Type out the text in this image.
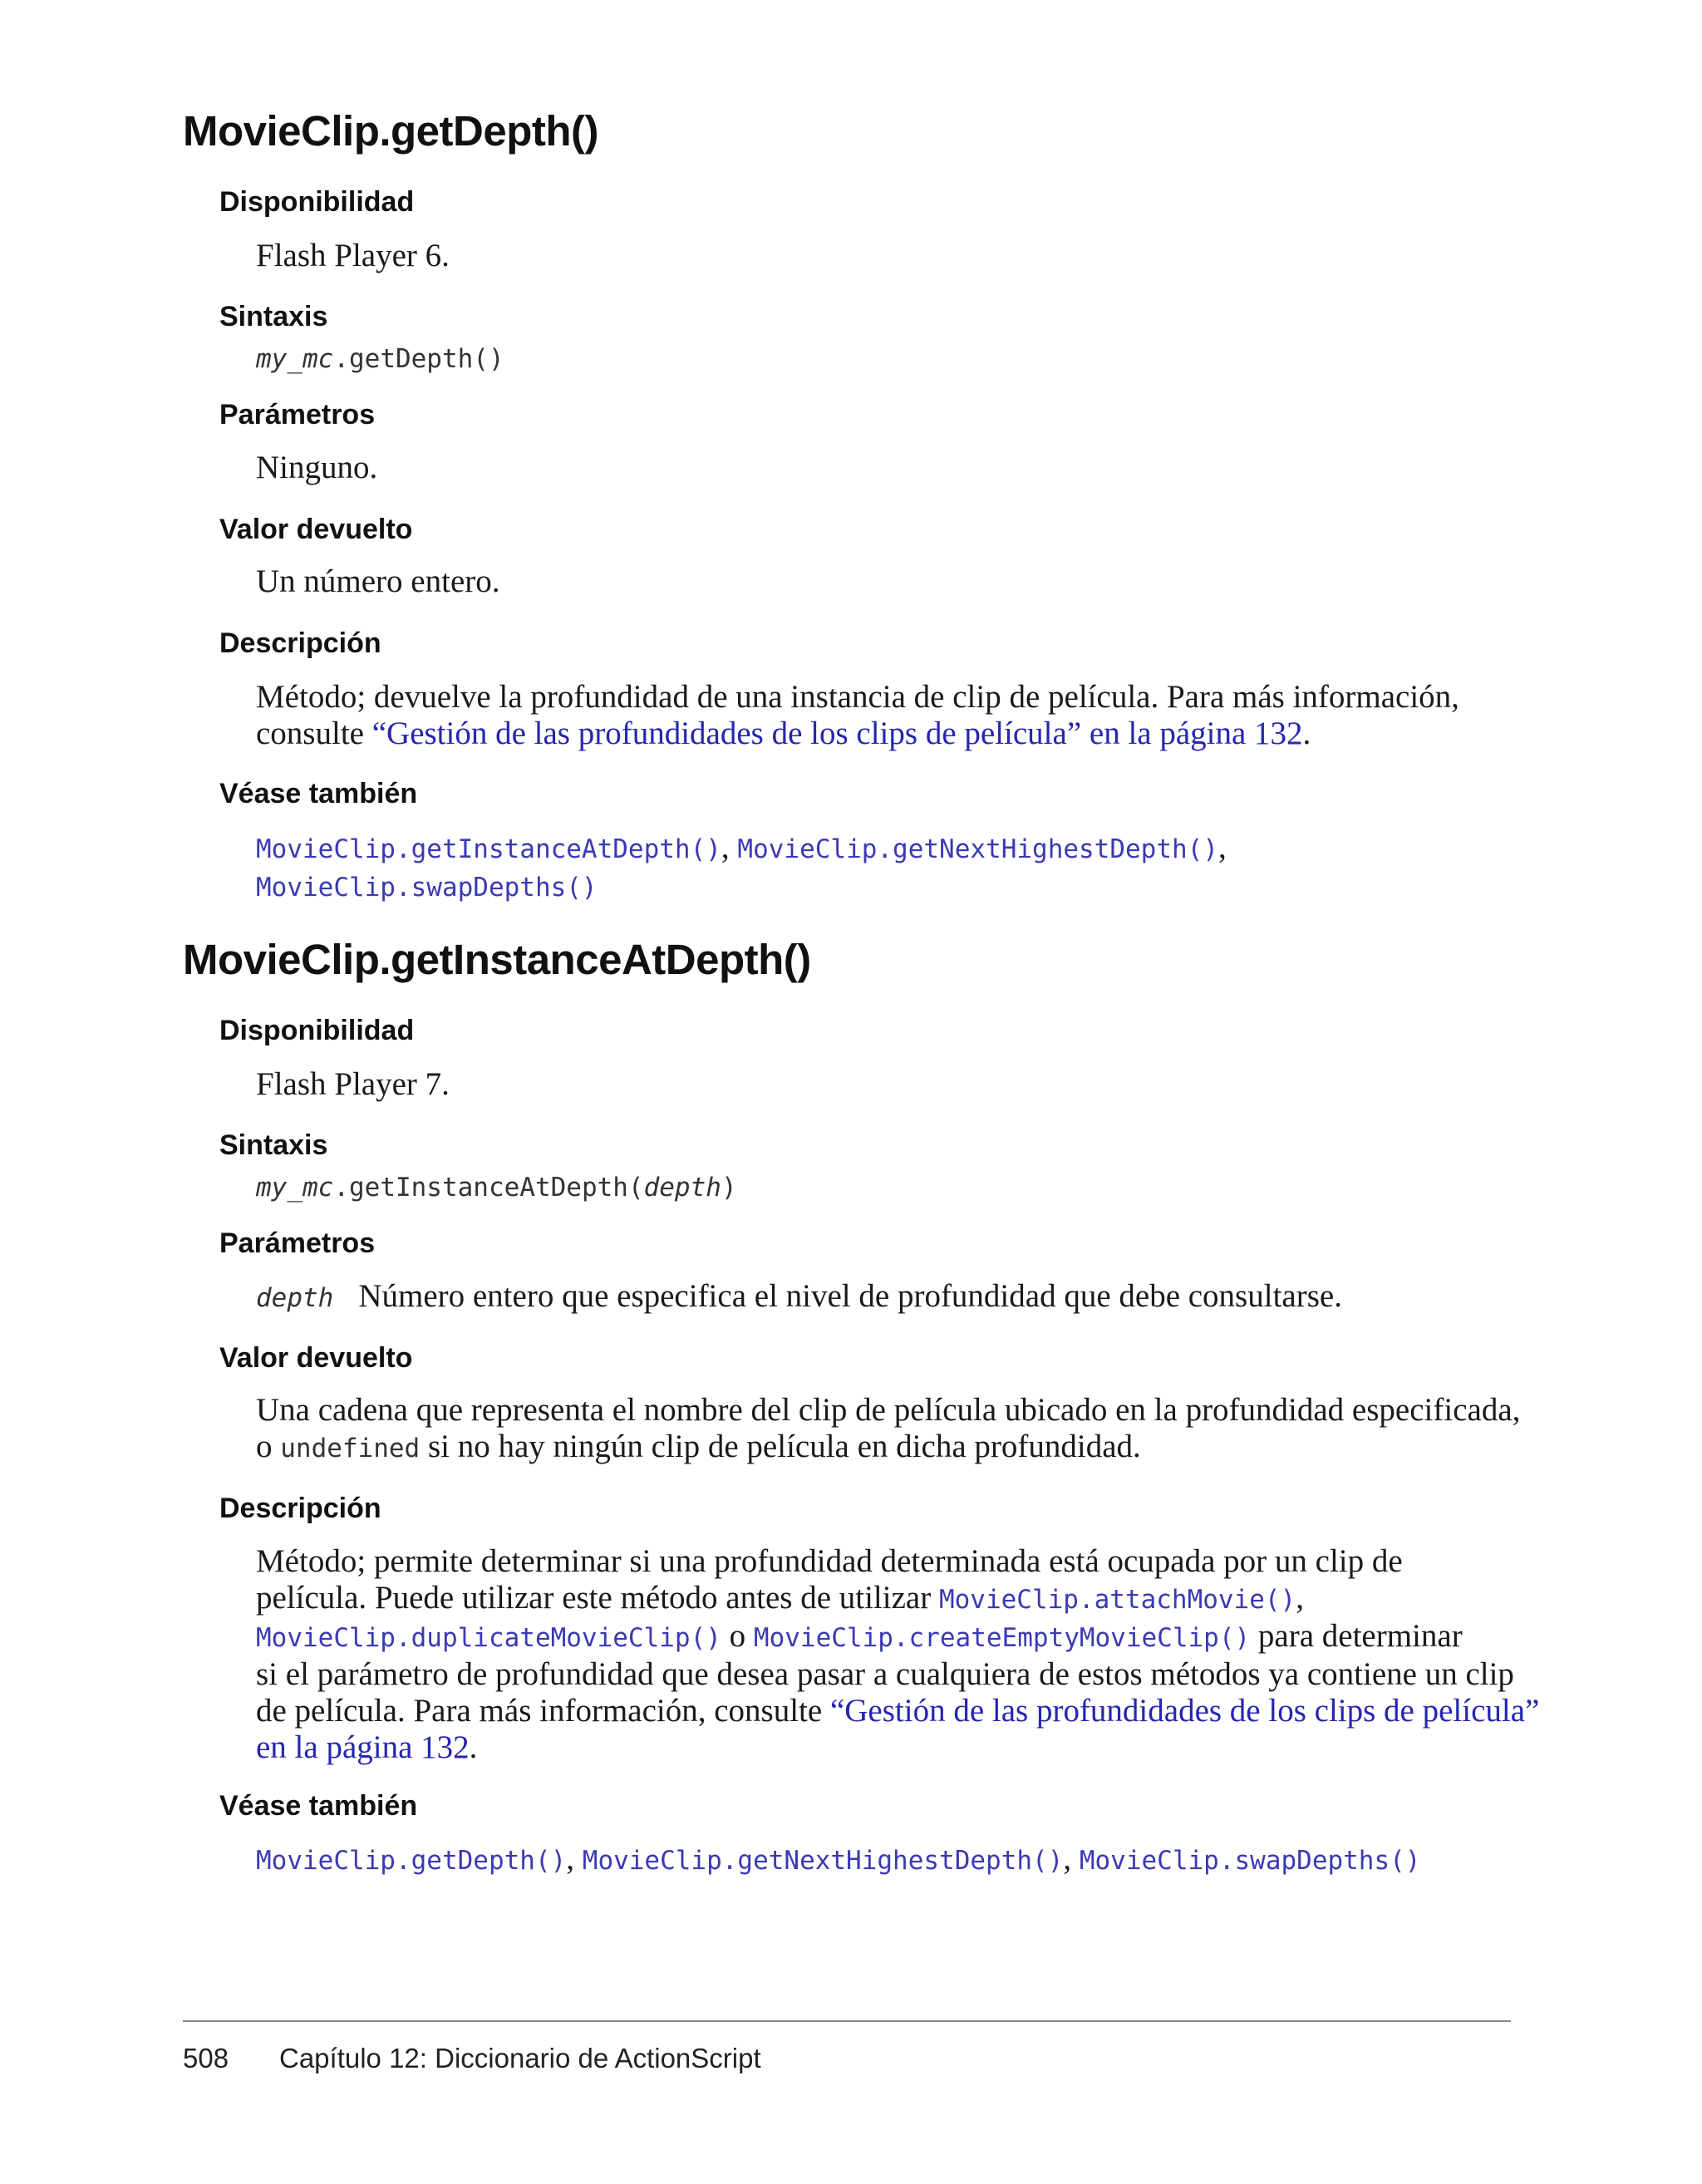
MovieClip.getDepth()
Disponibilidad
Flash Player 6.
Sintaxis
my_mc.getDepth()
Parámetros
Ninguno.
Valor devuelto
Un número entero.
Descripción
Método; devuelve la profundidad de una instancia de clip de película. Para más información,
consulte “Gestión de las profundidades de los clips de película” en la página 132.
Véase también
MovieClip.getInstanceAtDepth(), MovieClip.getNextHighestDepth(),
MovieClip.swapDepths()
MovieClip.getInstanceAtDepth()
Disponibilidad
Flash Player 7.
Sintaxis
my_mc.getInstanceAtDepth(depth)
Parámetros
depth Número entero que especifica el nivel de profundidad que debe consultarse.
Valor devuelto
Una cadena que representa el nombre del clip de película ubicado en la profundidad especificada,
o undefined si no hay ningún clip de película en dicha profundidad.
Descripción
Método; permite determinar si una profundidad determinada está ocupada por un clip de
película. Puede utilizar este método antes de utilizar MovieClip.attachMovie(),
MovieClip.duplicateMovieClip() o MovieClip.createEmptyMovieClip() para determinar
si el parámetro de profundidad que desea pasar a cualquiera de estos métodos ya contiene un clip
de película. Para más información, consulte “Gestión de las profundidades de los clips de película”
en la página 132.
Véase también
MovieClip.getDepth(), MovieClip.getNextHighestDepth(), MovieClip.swapDepths()
508 Capítulo 12: Diccionario de ActionScript
